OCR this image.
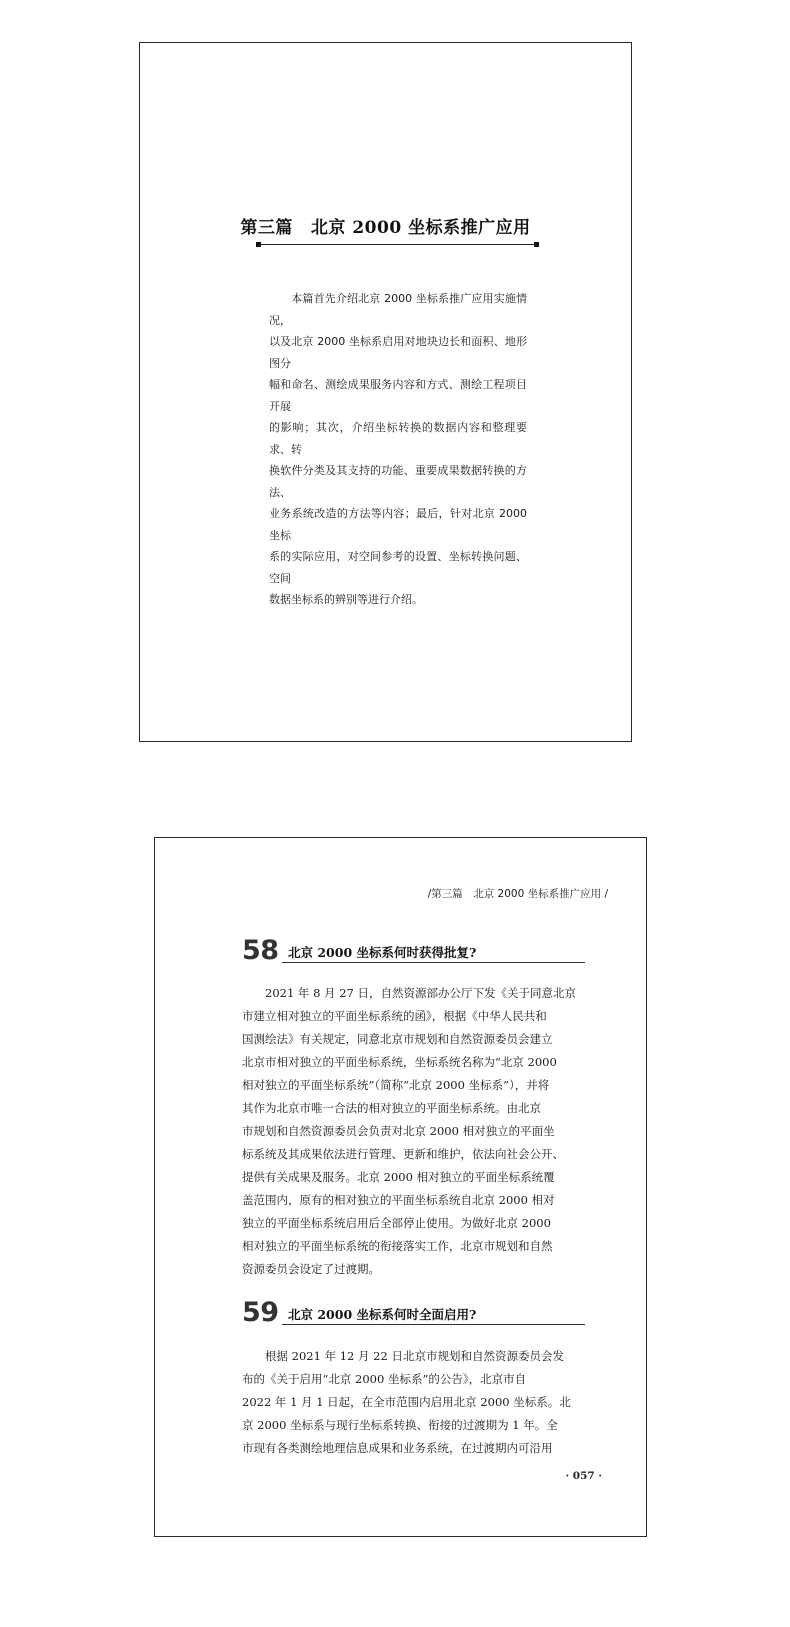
第三篇 北京 2000 坐标系推广应用
　　本篇首先介绍北京 2000 坐标系推广应用实施情况，
以及北京 2000 坐标系启用对地块边长和面积、地形图分
幅和命名、测绘成果服务内容和方式、测绘工程项目开展
的影响；其次，介绍坐标转换的数据内容和整理要求、转
换软件分类及其支持的功能、重要成果数据转换的方法、
业务系统改造的方法等内容；最后，针对北京 2000 坐标
系的实际应用，对空间参考的设置、坐标转换问题、空间
数据坐标系的辨别等进行介绍。
/第三篇　北京 2000 坐标系推广应用 /
58 北京 2000 坐标系何时获得批复?
　　2021 年 8 月 27 日，自然资源部办公厅下发《关于同意北京
市建立相对独立的平面坐标系统的函》，根据《中华人民共和
国测绘法》有关规定，同意北京市规划和自然资源委员会建立
北京市相对独立的平面坐标系统，坐标系统名称为“北京 2000
相对独立的平面坐标系统”（简称“北京 2000 坐标系”），并将
其作为北京市唯一合法的相对独立的平面坐标系统。由北京
市规划和自然资源委员会负责对北京 2000 相对独立的平面坐
标系统及其成果依法进行管理、更新和维护，依法向社会公开、
提供有关成果及服务。北京 2000 相对独立的平面坐标系统覆
盖范围内，原有的相对独立的平面坐标系统自北京 2000 相对
独立的平面坐标系统启用后全部停止使用。为做好北京 2000
相对独立的平面坐标系统的衔接落实工作，北京市规划和自然
资源委员会设定了过渡期。
59 北京 2000 坐标系何时全面启用?
　　根据 2021 年 12 月 22 日北京市规划和自然资源委员会发
布的《关于启用“北京 2000 坐标系”的公告》，北京市自
2022 年 1 月 1 日起，在全市范围内启用北京 2000 坐标系。北
京 2000 坐标系与现行坐标系转换、衔接的过渡期为 1 年。全
市现有各类测绘地理信息成果和业务系统，在过渡期内可沿用
· 057 ·
